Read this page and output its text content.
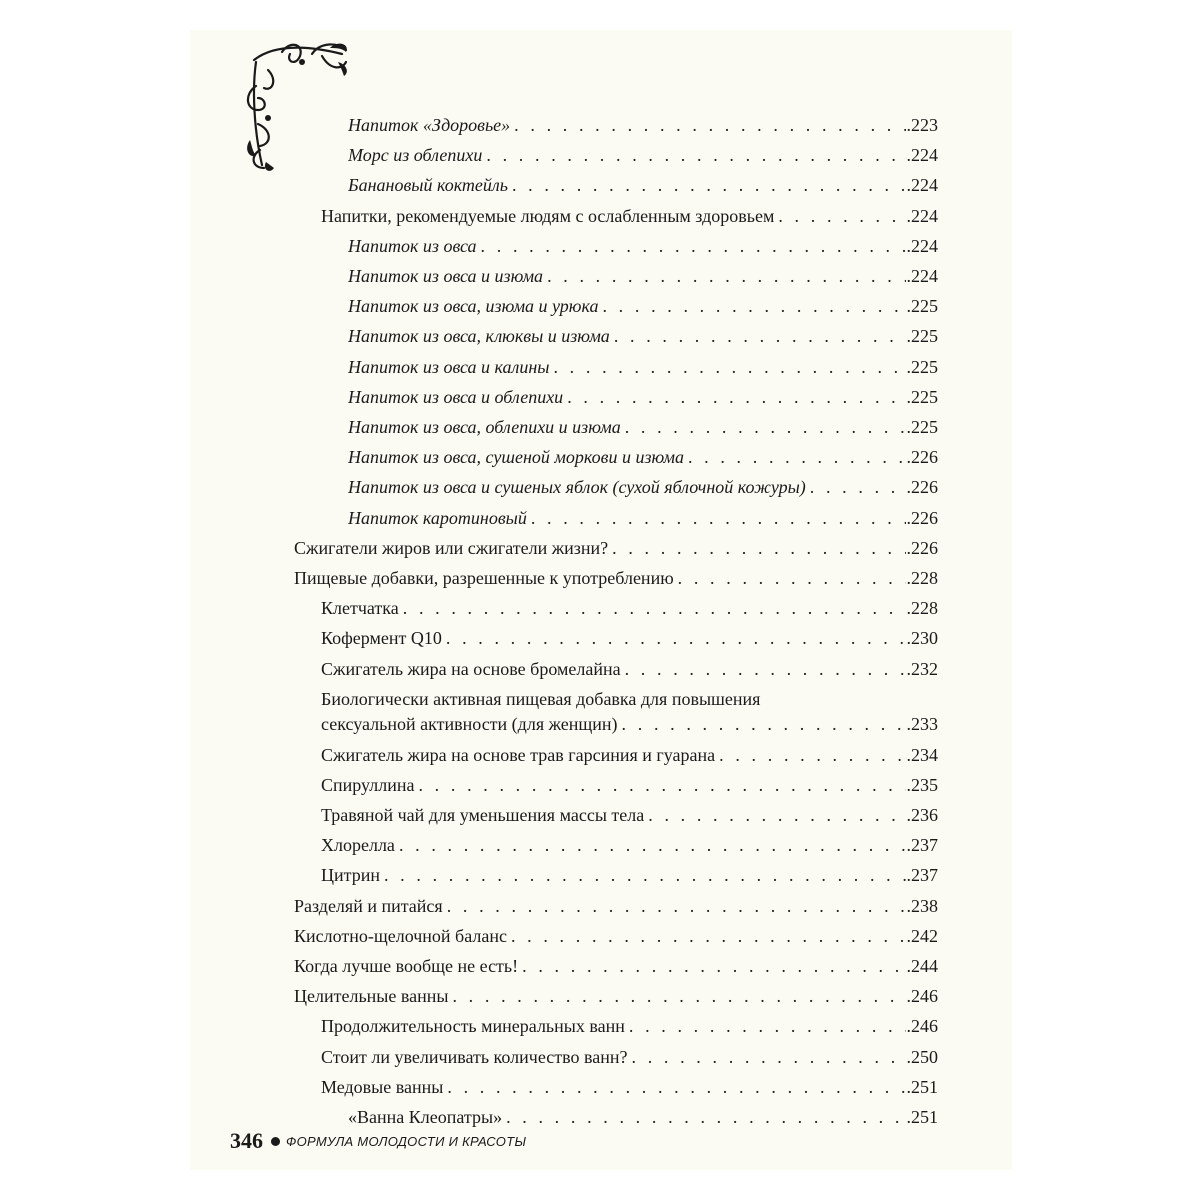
Напиток «Здоровье» . . .	.223
Морс из облепихи . . .	.224
Банановый коктейль . . .	.224
Напитки, рекомендуемые людям с ослабленным здоровьем . . .	.224
Напиток из овса . . .	.224
Напиток из овса и изюма . . .	.224
Напиток из овса, изюма и урюка . . .	.225
Напиток из овса, клюквы и изюма . . .	.225
Напиток из овса и калины . . .	.225
Напиток из овса и облепихи . . .	.225
Напиток из овса, облепихи и изюма . . .	.225
Напиток из овса, сушеной моркови и изюма . . .	.226
Напиток из овса и сушеных яблок (сухой яблочной кожуры) . . .	.226
Напиток каротиновый . . .	.226
Сжигатели жиров или сжигатели жизни? . . .	.226
Пищевые добавки, разрешенные к употреблению . . .	.228
Клетчатка . . .	.228
Кофермент Q10 . . .	.230
Сжигатель жира на основе бромелайна . . .	.232
Биологически активная пищевая добавка для повышения
сексуальной активности (для женщин) . . .	.233
Сжигатель жира на основе трав гарсиния и гуарана . . .	.234
Спируллина . . .	.235
Травяной чай для уменьшения массы тела . . .	.236
Хлорелла . . .	.237
Цитрин . . .	.237
Разделяй и питайся . . .	.238
Кислотно-щелочной баланс . . .	.242
Когда лучше вообще не есть! . . .	.244
Целительные ванны . . .	.246
Продолжительность минеральных ванн . . .	.246
Стоит ли увеличивать количество ванн? . . .	.250
Медовые ванны . . .	.251
«Ванна Клеопатры» . . .	.251
346 ФОРМУЛА МОЛОДОСТИ И КРАСОТЫ
